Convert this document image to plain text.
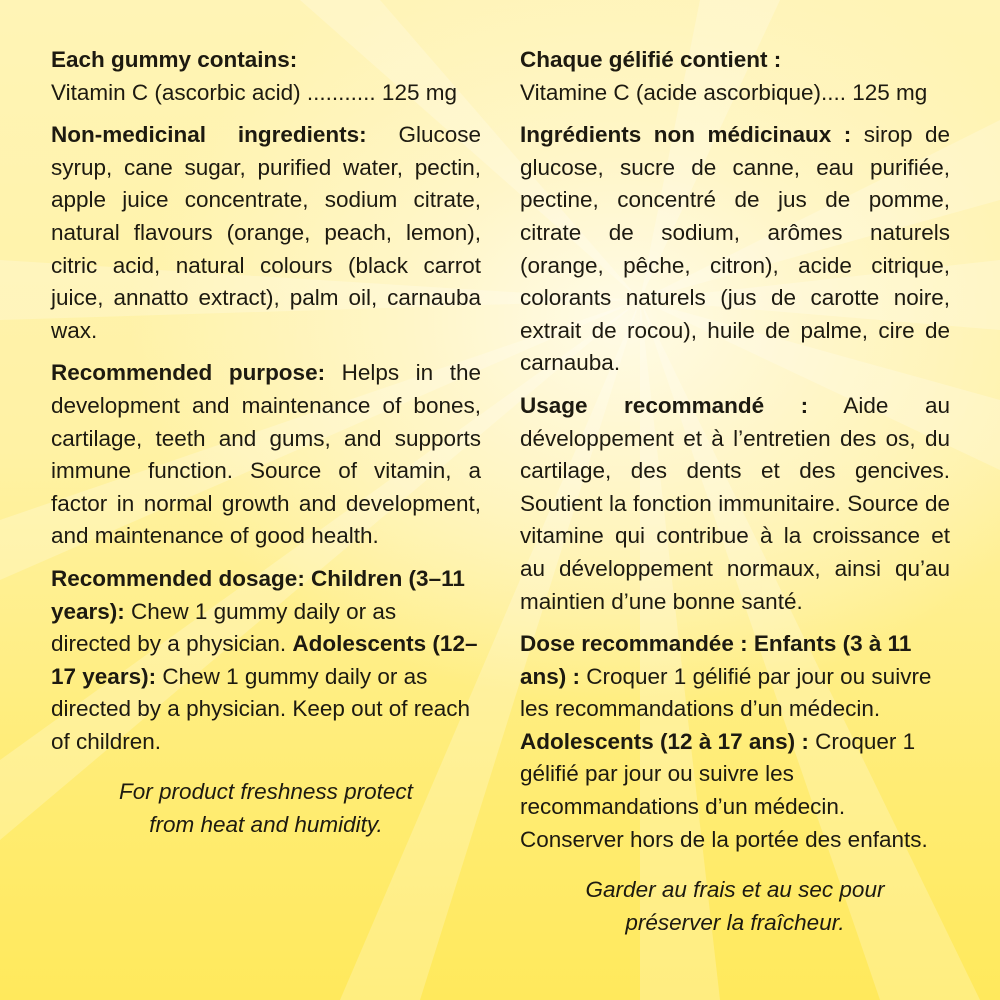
Each gummy contains:
Vitamin C (ascorbic acid) ........... 125 mg
Non-medicinal ingredients: Glucose syrup, cane sugar, purified water, pectin, apple juice concentrate, sodium citrate, natural flavours (orange, peach, lemon), citric acid, natural colours (black carrot juice, annatto extract), palm oil, carnauba wax.
Recommended purpose: Helps in the development and maintenance of bones, cartilage, teeth and gums, and supports immune function. Source of vitamin, a factor in normal growth and development, and maintenance of good health.
Recommended dosage: Children (3–11 years): Chew 1 gummy daily or as directed by a physician. Adolescents (12–17 years): Chew 1 gummy daily or as directed by a physician. Keep out of reach of children.
For product freshness protect
from heat and humidity.
Chaque gélifié contient :
Vitamine C (acide ascorbique).... 125 mg
Ingrédients non médicinaux : sirop de glucose, sucre de canne, eau purifiée, pectine, concentré de jus de pomme, citrate de sodium, arômes naturels (orange, pêche, citron), acide citrique, colorants naturels (jus de carotte noire, extrait de rocou), huile de palme, cire de carnauba.
Usage recommandé : Aide au développement et à l’entretien des os, du cartilage, des dents et des gencives. Soutient la fonction immunitaire. Source de vitamine qui contribue à la croissance et au développement normaux, ainsi qu’au maintien d’une bonne santé.
Dose recommandée : Enfants (3 à 11 ans) : Croquer 1 gélifié par jour ou suivre les recommandations d’un médecin. Adolescents (12 à 17 ans) : Croquer 1 gélifié par jour ou suivre les recommandations d’un médecin. Conserver hors de la portée des enfants.
Garder au frais et au sec pour
préserver la fraîcheur.
